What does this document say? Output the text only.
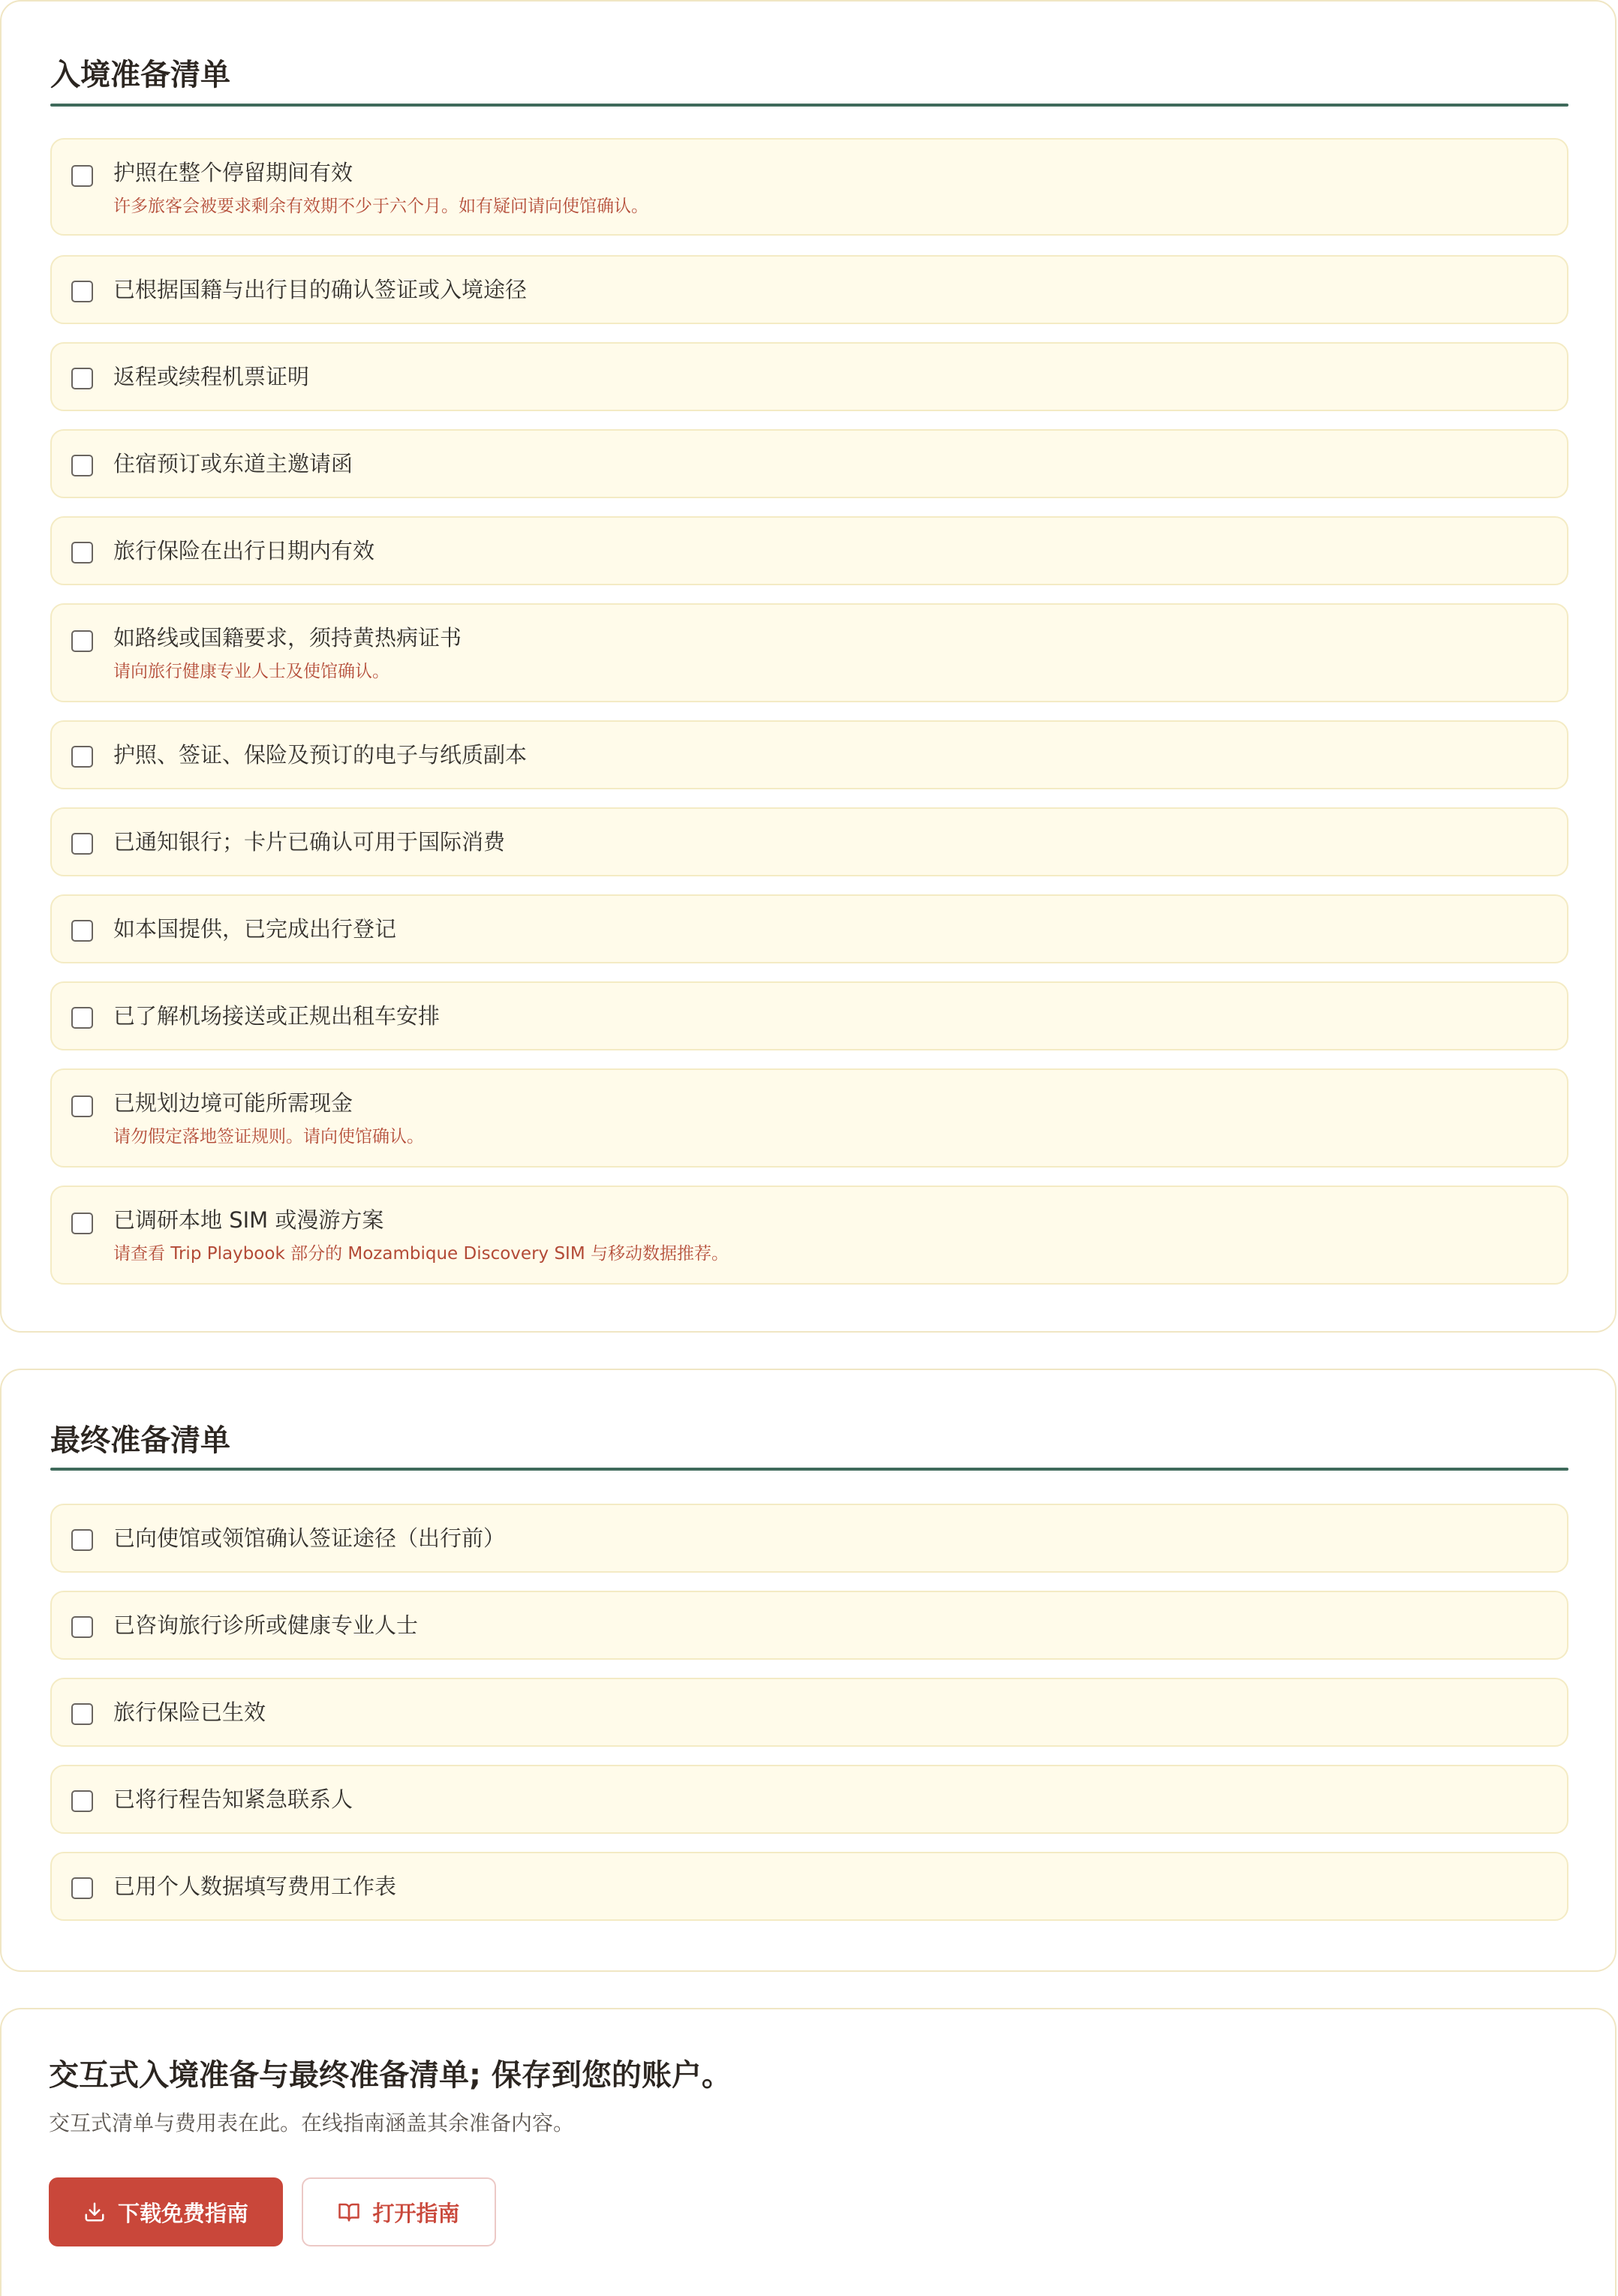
入境准备清单
护照在整个停留期间有效
许多旅客会被要求剩余有效期不少于六个月。如有疑问请向使馆确认。
已根据国籍与出行目的确认签证或入境途径
返程或续程机票证明
住宿预订或东道主邀请函
旅行保险在出行日期内有效
如路线或国籍要求，须持黄热病证书
请向旅行健康专业人士及使馆确认。
护照、签证、保险及预订的电子与纸质副本
已通知银行；卡片已确认可用于国际消费
如本国提供，已完成出行登记
已了解机场接送或正规出租车安排
已规划边境可能所需现金
请勿假定落地签证规则。请向使馆确认。
已调研本地 SIM 或漫游方案
请查看 Trip Playbook 部分的 Mozambique Discovery SIM 与移动数据推荐。
最终准备清单
已向使馆或领馆确认签证途径（出行前）
已咨询旅行诊所或健康专业人士
旅行保险已生效
已将行程告知紧急联系人
已用个人数据填写费用工作表
交互式入境准备与最终准备清单; 保存到您的账户。

交互式清单与费用表在此。在线指南涵盖其余准备内容。

下载免费指南	打开指南
